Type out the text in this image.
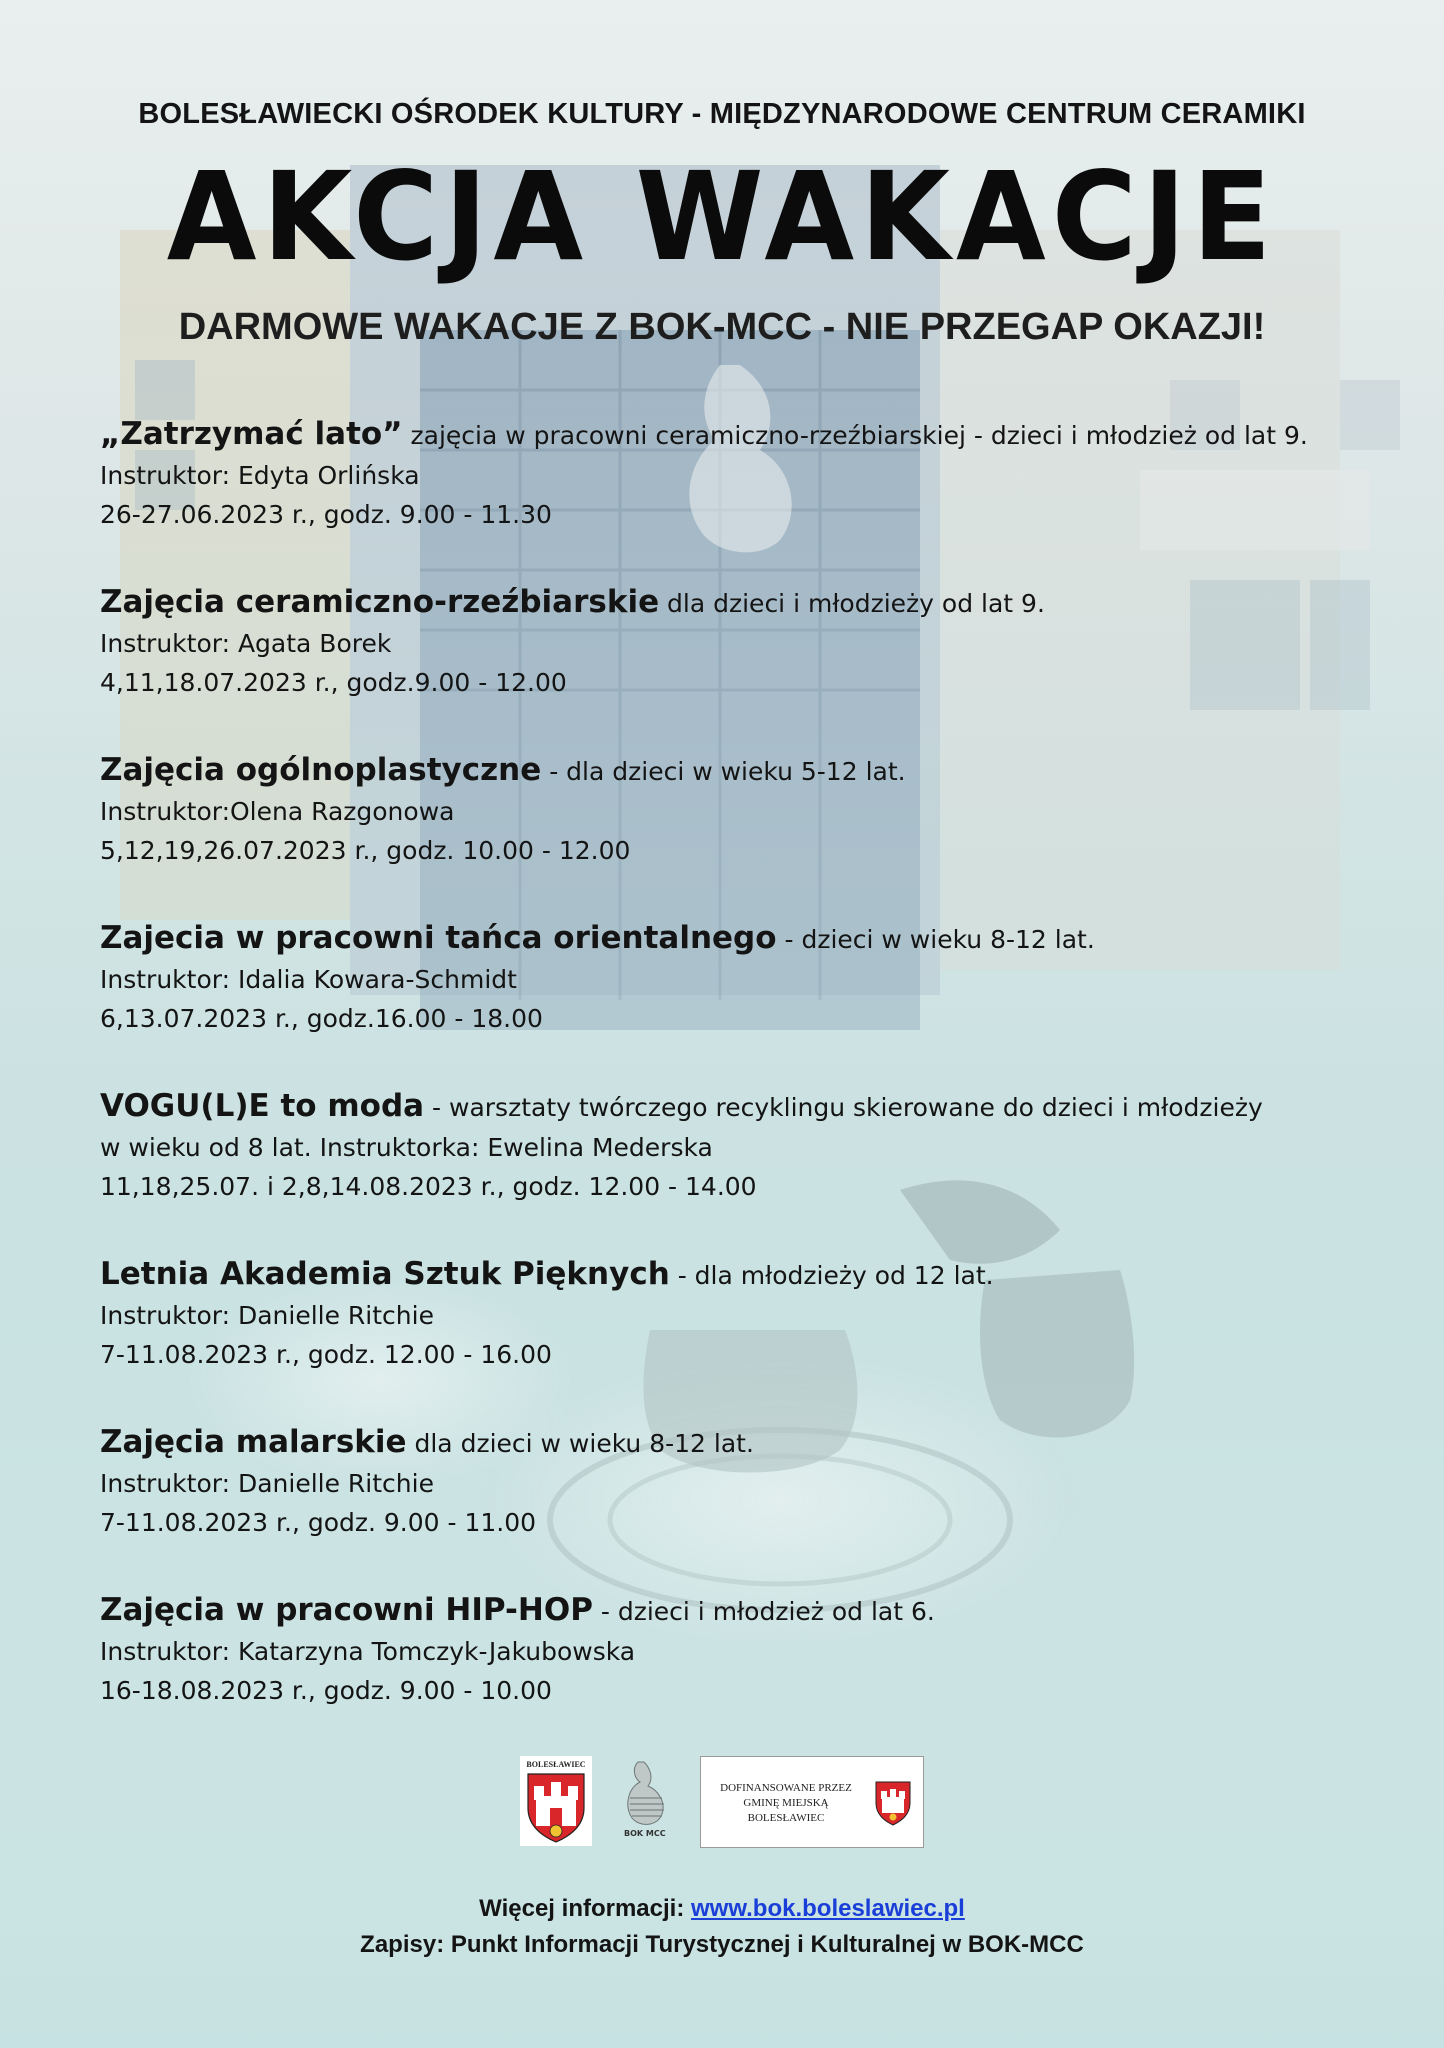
BOLESŁAWIECKI OŚRODEK KULTURY - MIĘDZYNARODOWE CENTRUM CERAMIKI
AKCJA WAKACJE
DARMOWE WAKACJE Z BOK-MCC - NIE PRZEGAP OKAZJI!
„Zatrzymać lato” zajęcia w pracowni ceramiczno-rzeźbiarskiej - dzieci i młodzież od lat 9.
Instruktor: Edyta Orlińska
26-27.06.2023 r., godz. 9.00 - 11.30
Zajęcia ceramiczno-rzeźbiarskie dla dzieci i młodzieży od lat 9.
Instruktor: Agata Borek
4,11,18.07.2023 r., godz.9.00 - 12.00
Zajęcia ogólnoplastyczne - dla dzieci w wieku 5-12 lat.
Instruktor:Olena Razgonowa
5,12,19,26.07.2023 r., godz. 10.00 - 12.00
Zajecia w pracowni tańca orientalnego - dzieci w wieku 8-12 lat.
Instruktor: Idalia Kowara-Schmidt
6,13.07.2023 r., godz.16.00 - 18.00
VOGU(L)E to moda - warsztaty twórczego recyklingu skierowane do dzieci i młodzieży
w wieku od 8 lat. Instruktorka: Ewelina Mederska
11,18,25.07. i 2,8,14.08.2023 r., godz. 12.00 - 14.00
Letnia Akademia Sztuk Pięknych - dla młodzieży od 12 lat.
Instruktor: Danielle Ritchie
7-11.08.2023 r., godz. 12.00 - 16.00
Zajęcia malarskie dla dzieci w wieku 8-12 lat.
Instruktor: Danielle Ritchie
7-11.08.2023 r., godz. 9.00 - 11.00
Zajęcia w pracowni HIP-HOP - dzieci i młodzież od lat 6.
Instruktor: Katarzyna Tomczyk-Jakubowska
16-18.08.2023 r., godz. 9.00 - 10.00
BOLESŁAWIEC
BOK MCC
DOFINANSOWANE PRZEZ GMINĘ MIEJSKĄ BOLESŁAWIEC
Więcej informacji: www.bok.boleslawiec.pl
Zapisy: Punkt Informacji Turystycznej i Kulturalnej w BOK-MCC
